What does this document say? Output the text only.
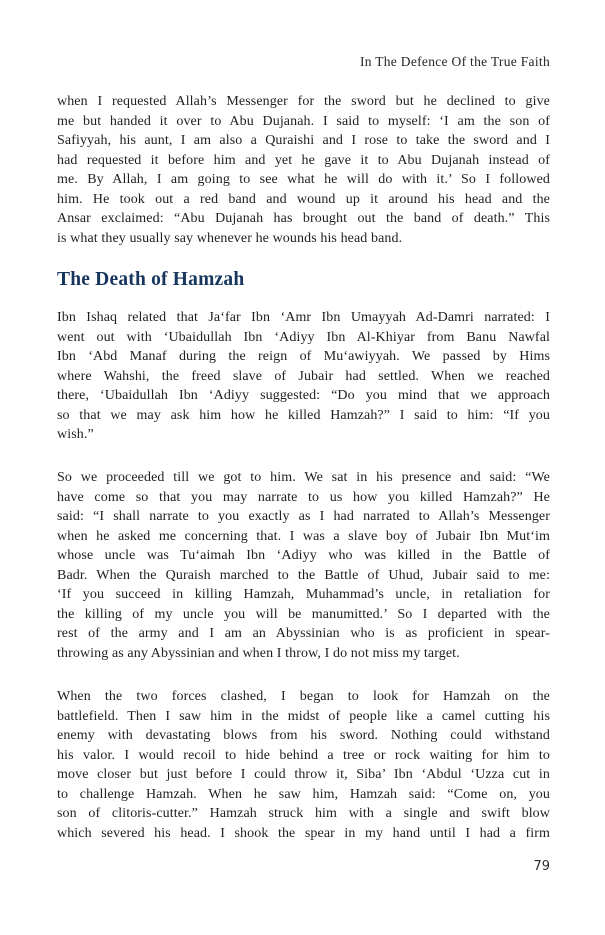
In The Defence Of the True Faith
when I requested Allah’s Messenger for the sword but he declined to give
me but handed it over to Abu Dujanah. I said to myself: ‘I am the son of
Safiyyah, his aunt, I am also a Quraishi and I rose to take the sword and I
had requested it before him and yet he gave it to Abu Dujanah instead of
me. By Allah, I am going to see what he will do with it.’ So I followed
him. He took out a red band and wound up it around his head and the
Ansar exclaimed: “Abu Dujanah has brought out the band of death.” This
is what they usually say whenever he wounds his head band.
The Death of Hamzah
Ibn Ishaq related that Ja‘far Ibn ‘Amr Ibn Umayyah Ad-Damri narrated: I
went out with ‘Ubaidullah Ibn ‘Adiyy Ibn Al-Khiyar from Banu Nawfal
Ibn ‘Abd Manaf during the reign of Mu‘awiyyah. We passed by Hims
where Wahshi, the freed slave of Jubair had settled. When we reached
there, ‘Ubaidullah Ibn ‘Adiyy suggested: “Do you mind that we approach
so that we may ask him how he killed Hamzah?” I said to him: “If you
wish.”
So we proceeded till we got to him. We sat in his presence and said: “We
have come so that you may narrate to us how you killed Hamzah?” He
said: “I shall narrate to you exactly as I had narrated to Allah’s Messenger
when he asked me concerning that. I was a slave boy of Jubair Ibn Mut‘im
whose uncle was Tu‘aimah Ibn ‘Adiyy who was killed in the Battle of
Badr. When the Quraish marched to the Battle of Uhud, Jubair said to me:
‘If you succeed in killing Hamzah, Muhammad’s uncle, in retaliation for
the killing of my uncle you will be manumitted.’ So I departed with the
rest of the army and I am an Abyssinian who is as proficient in spear-
throwing as any Abyssinian and when I throw, I do not miss my target.
When the two forces clashed, I began to look for Hamzah on the
battlefield. Then I saw him in the midst of people like a camel cutting his
enemy with devastating blows from his sword. Nothing could withstand
his valor. I would recoil to hide behind a tree or rock waiting for him to
move closer but just before I could throw it, Siba’ Ibn ‘Abdul ‘Uzza cut in
to challenge Hamzah. When he saw him, Hamzah said: “Come on, you
son of clitoris-cutter.” Hamzah struck him with a single and swift blow
which severed his head. I shook the spear in my hand until I had a firm
79
